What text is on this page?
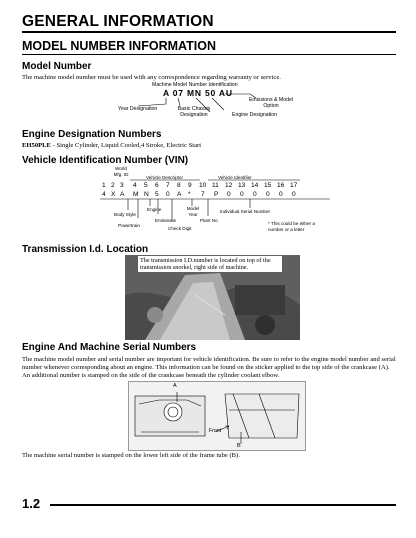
GENERAL INFORMATION
MODEL NUMBER INFORMATION
Model Number
The machine model number must be used with any correspondence regarding warranty or service.
Machine Model Number Identification
A 07 MN 50 AU
Year Designation	Basic Chassis Designation
Emissions & Model Option
Engine Designation
Engine Designation Numbers
EH50PLE - Single Cylinder, Liquid Cooled,4 Stroke, Electric Start
Vehicle Identification Number (VIN)
World Mfg. ID
Vehicle Descriptor	Vehicle Identifier
1 2 3 4 5 6 7 8 9 10 11 12 13 14 15 16 17
4 X A M N 5 0 A * 7 P 0 0 0 0 0 0
Body Style
Engine
Powertrain
Emissions
Model Year
Check Digit
Plant No
Individual Serial Number
* This could be either a number or a letter
Transmission I.d. Location
The transmission I.D.number is located on top of the transmission snorkel, right side of machine.
Engine And Machine Serial Numbers
The machine model number and serial number are important for vehicle identification. Be sure to refer to the engine model number and serial number whenever corresponding about an engine. This information can be found on the sticker applied to the top side of the crankcase (A). An additional number is stamped on the side of the crankcase beneath the cylinder coolant elbow.
A
B
Front
The machine serial number is stamped on the lower left side of the frame tube (B).
1.2
